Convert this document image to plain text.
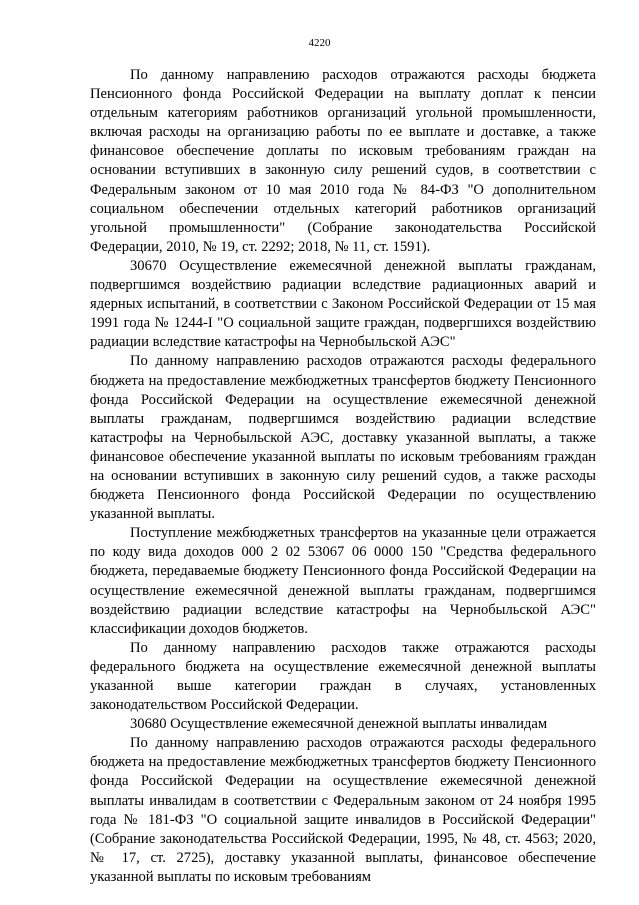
4220

По данному направлению расходов отражаются расходы бюджета Пенсионного фонда Российской Федерации на выплату доплат к пенсии отдельным категориям работников организаций угольной промышленности, включая расходы на организацию работы по ее выплате и доставке, а также финансовое обеспечение доплаты по исковым требованиям граждан на основании вступивших в законную силу решений судов, в соответствии с Федеральным законом от 10 мая 2010 года № 84-ФЗ "О дополнительном социальном обеспечении отдельных категорий работников организаций угольной промышленности" (Собрание законодательства Российской Федерации, 2010, № 19, ст. 2292; 2018, № 11, ст. 1591).

30670 Осуществление ежемесячной денежной выплаты гражданам, подвергшимся воздействию радиации вследствие радиационных аварий и ядерных испытаний, в соответствии с Законом Российской Федерации от 15 мая 1991 года № 1244-I "О социальной защите граждан, подвергшихся воздействию радиации вследствие катастрофы на Чернобыльской АЭС"

По данному направлению расходов отражаются расходы федерального бюджета на предоставление межбюджетных трансфертов бюджету Пенсионного фонда Российской Федерации на осуществление ежемесячной денежной выплаты гражданам, подвергшимся воздействию радиации вследствие катастрофы на Чернобыльской АЭС, доставку указанной выплаты, а также финансовое обеспечение указанной выплаты по исковым требованиям граждан на основании вступивших в законную силу решений судов, а также расходы бюджета Пенсионного фонда Российской Федерации по осуществлению указанной выплаты.

Поступление межбюджетных трансфертов на указанные цели отражается по коду вида доходов 000 2 02 53067 06 0000 150 "Средства федерального бюджета, передаваемые бюджету Пенсионного фонда Российской Федерации на осуществление ежемесячной денежной выплаты гражданам, подвергшимся воздействию радиации вследствие катастрофы на Чернобыльской АЭС" классификации доходов бюджетов.

По данному направлению расходов также отражаются расходы федерального бюджета на осуществление ежемесячной денежной выплаты указанной выше категории граждан в случаях, установленных законодательством Российской Федерации.

30680 Осуществление ежемесячной денежной выплаты инвалидам

По данному направлению расходов отражаются расходы федерального бюджета на предоставление межбюджетных трансфертов бюджету Пенсионного фонда Российской Федерации на осуществление ежемесячной денежной выплаты инвалидам в соответствии с Федеральным законом от 24 ноября 1995 года № 181-ФЗ "О социальной защите инвалидов в Российской Федерации" (Собрание законодательства Российской Федерации, 1995, № 48, ст. 4563; 2020, № 17, ст. 2725), доставку указанной выплаты, финансовое обеспечение указанной выплаты по исковым требованиям
